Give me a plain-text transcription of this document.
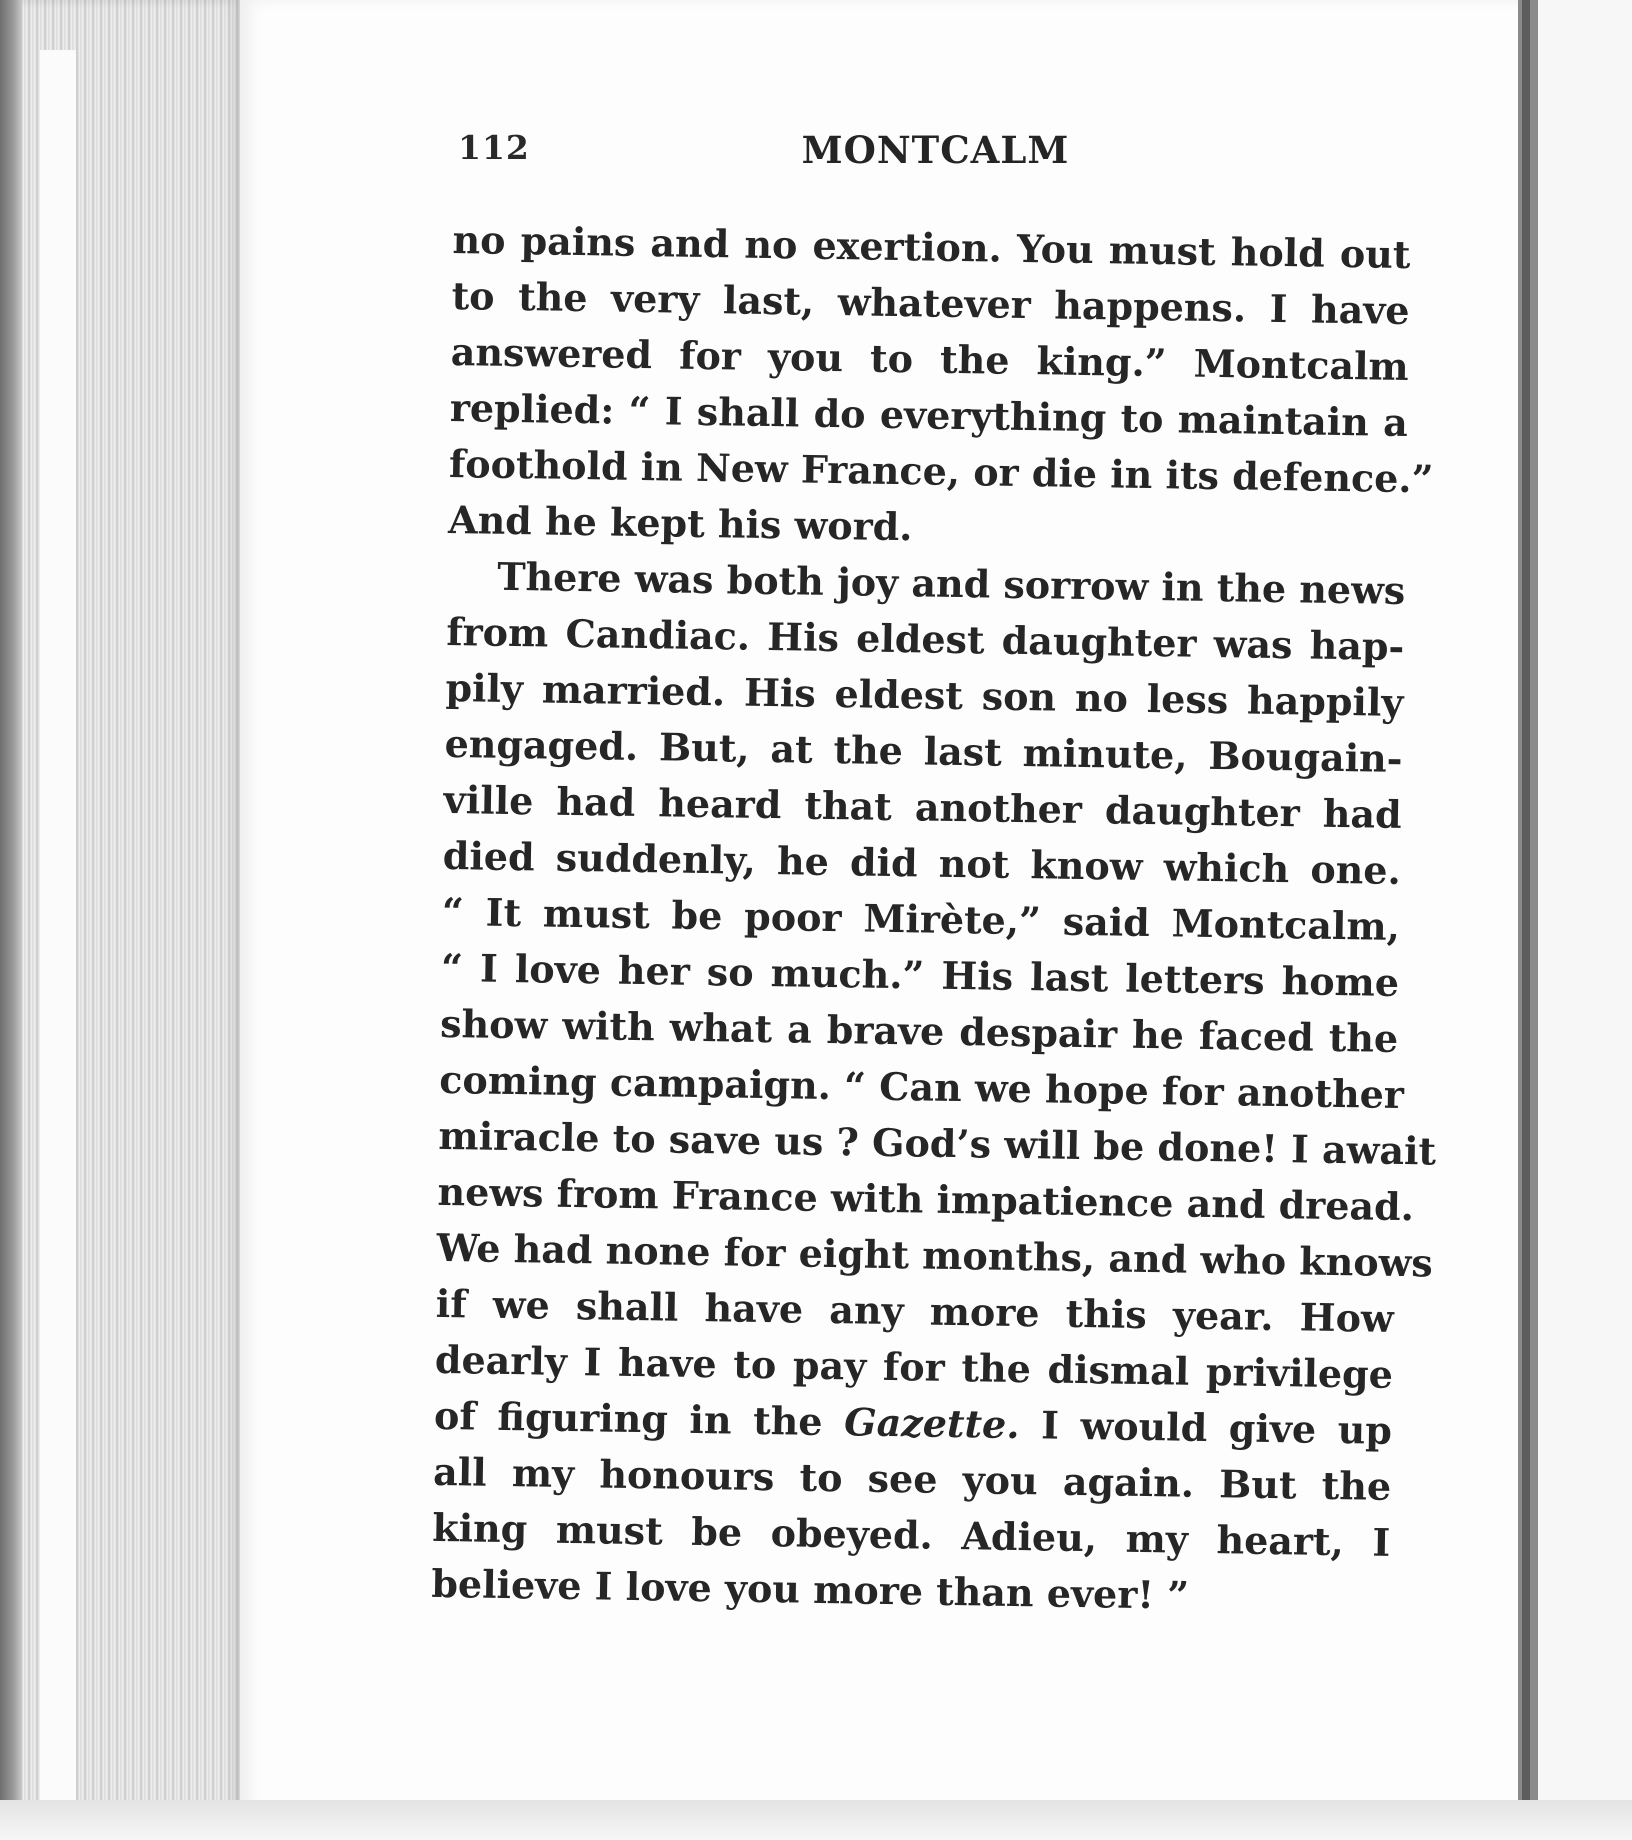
112	MONTCALM
no pains and no exertion. You must hold out
to the very last, whatever happens. I have
answered for you to the king.” Montcalm
replied: “ I shall do everything to maintain a
foothold in New France, or die in its defence.”
And he kept his word.
There was both joy and sorrow in the news
from Candiac. His eldest daughter was hap-
pily married. His eldest son no less happily
engaged. But, at the last minute, Bougain-
ville had heard that another daughter had
died suddenly, he did not know which one.
“ It must be poor Mirète,” said Montcalm,
“ I love her so much.” His last letters home
show with what a brave despair he faced the
coming campaign. “ Can we hope for another
miracle to save us ? God’s will be done! I await
news from France with impatience and dread.
We had none for eight months, and who knows
if we shall have any more this year. How
dearly I have to pay for the dismal privilege
of figuring in the Gazette. I would give up
all my honours to see you again. But the
king must be obeyed. Adieu, my heart, I
believe I love you more than ever! ”
